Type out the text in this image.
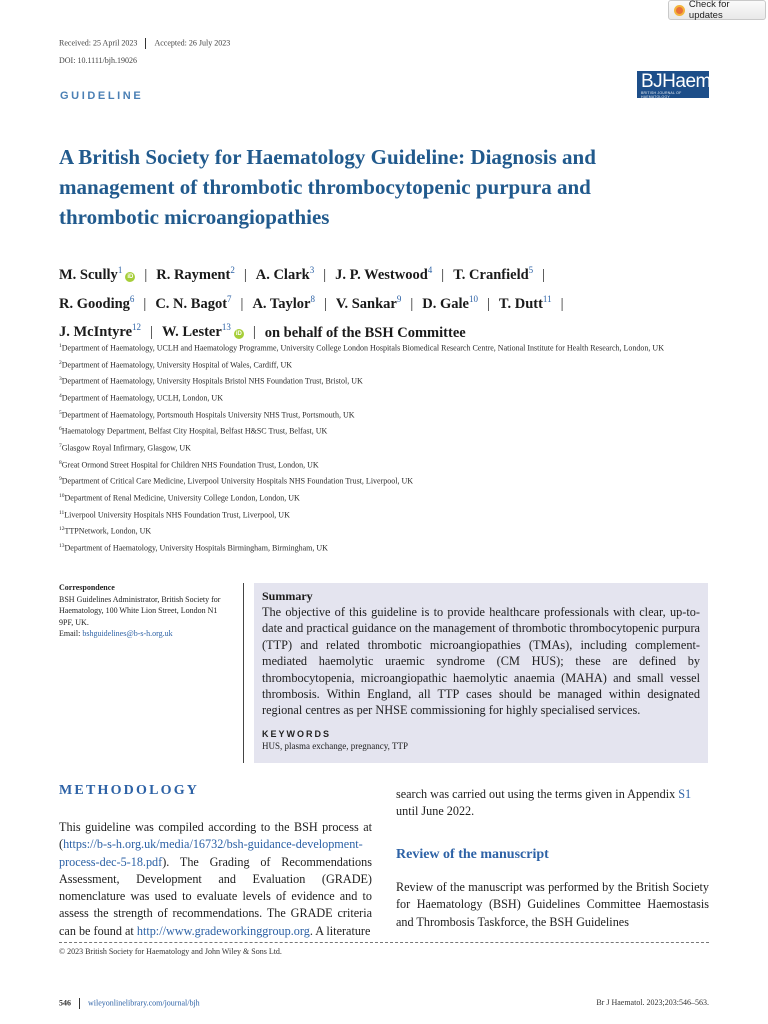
Check for updates
Received: 25 April 2023 Accepted: 26 July 2023
DOI: 10.1111/bjh.19026
BJHaem
BRITISH JOURNAL OF HAEMATOLOGY
GUIDELINE
A British Society for Haematology Guideline: Diagnosis and management of thrombotic thrombocytopenic purpura and thrombotic microangiopathies
M. Scully$^1$iD | R. Rayment$^2$ | A. Clark$^3$ | J. P. Westwood$^4$ | T. Cranfield$^5$ |
R. Gooding$^6$ | C. N. Bagot$^7$ | A. Taylor$^8$ | V. Sankar$^9$ | D. Gale$^{10}$ | T. Dutt$^{11}$ |
J. McIntyre$^{12}$ | W. Lester$^{13}$iD | on behalf of the BSH Committee
$^1$Department of Haematology, UCLH and Haematology Programme, University College London Hospitals Biomedical Research Centre, National Institute for Health Research, London, UK
$^2$Department of Haematology, University Hospital of Wales, Cardiff, UK
$^3$Department of Haematology, University Hospitals Bristol NHS Foundation Trust, Bristol, UK
$^4$Department of Haematology, UCLH, London, UK
$^5$Department of Haematology, Portsmouth Hospitals University NHS Trust, Portsmouth, UK
$^6$Haematology Department, Belfast City Hospital, Belfast H&SC Trust, Belfast, UK
$^7$Glasgow Royal Infirmary, Glasgow, UK
$^8$Great Ormond Street Hospital for Children NHS Foundation Trust, London, UK
$^9$Department of Critical Care Medicine, Liverpool University Hospitals NHS Foundation Trust, Liverpool, UK
$^{10}$Department of Renal Medicine, University College London, London, UK
$^{11}$Liverpool University Hospitals NHS Foundation Trust, Liverpool, UK
$^{12}$TTPNetwork, London, UK
$^{13}$Department of Haematology, University Hospitals Birmingham, Birmingham, UK
Correspondence
BSH Guidelines Administrator, British Society for Haematology, 100 White Lion Street, London N1 9PF, UK.
Email: bshguidelines@b-s-h.org.uk
Summary
The objective of this guideline is to provide healthcare professionals with clear, up-to-date and practical guidance on the management of thrombotic thrombocytopenic purpura (TTP) and related thrombotic microangiopathies (TMAs), including complement-mediated haemolytic uraemic syndrome (CM HUS); these are defined by thrombocytopenia, microangiopathic haemolytic anaemia (MAHA) and small vessel thrombosis. Within England, all TTP cases should be managed within designated regional centres as per NHSE commissioning for highly specialised services.
KEYWORDS
HUS, plasma exchange, pregnancy, TTP
METHODOLOGY
This guideline was compiled according to the BSH process at (https://b-s-h.org.uk/media/16732/bsh-guidance-development-process-dec-5-18.pdf). The Grading of Recommendations Assessment, Development and Evaluation (GRADE) nomenclature was used to evaluate levels of evidence and to assess the strength of recommendations. The GRADE criteria can be found at http://www.gradeworkinggroup.org. A literature
search was carried out using the terms given in Appendix S1 until June 2022.
Review of the manuscript
Review of the manuscript was performed by the British Society for Haematology (BSH) Guidelines Committee Haemostasis and Thrombosis Taskforce, the BSH Guidelines
© 2023 British Society for Haematology and John Wiley & Sons Ltd.
546 wileyonlinelibrary.com/journal/bjh	Br J Haematol. 2023;203:546–563.
